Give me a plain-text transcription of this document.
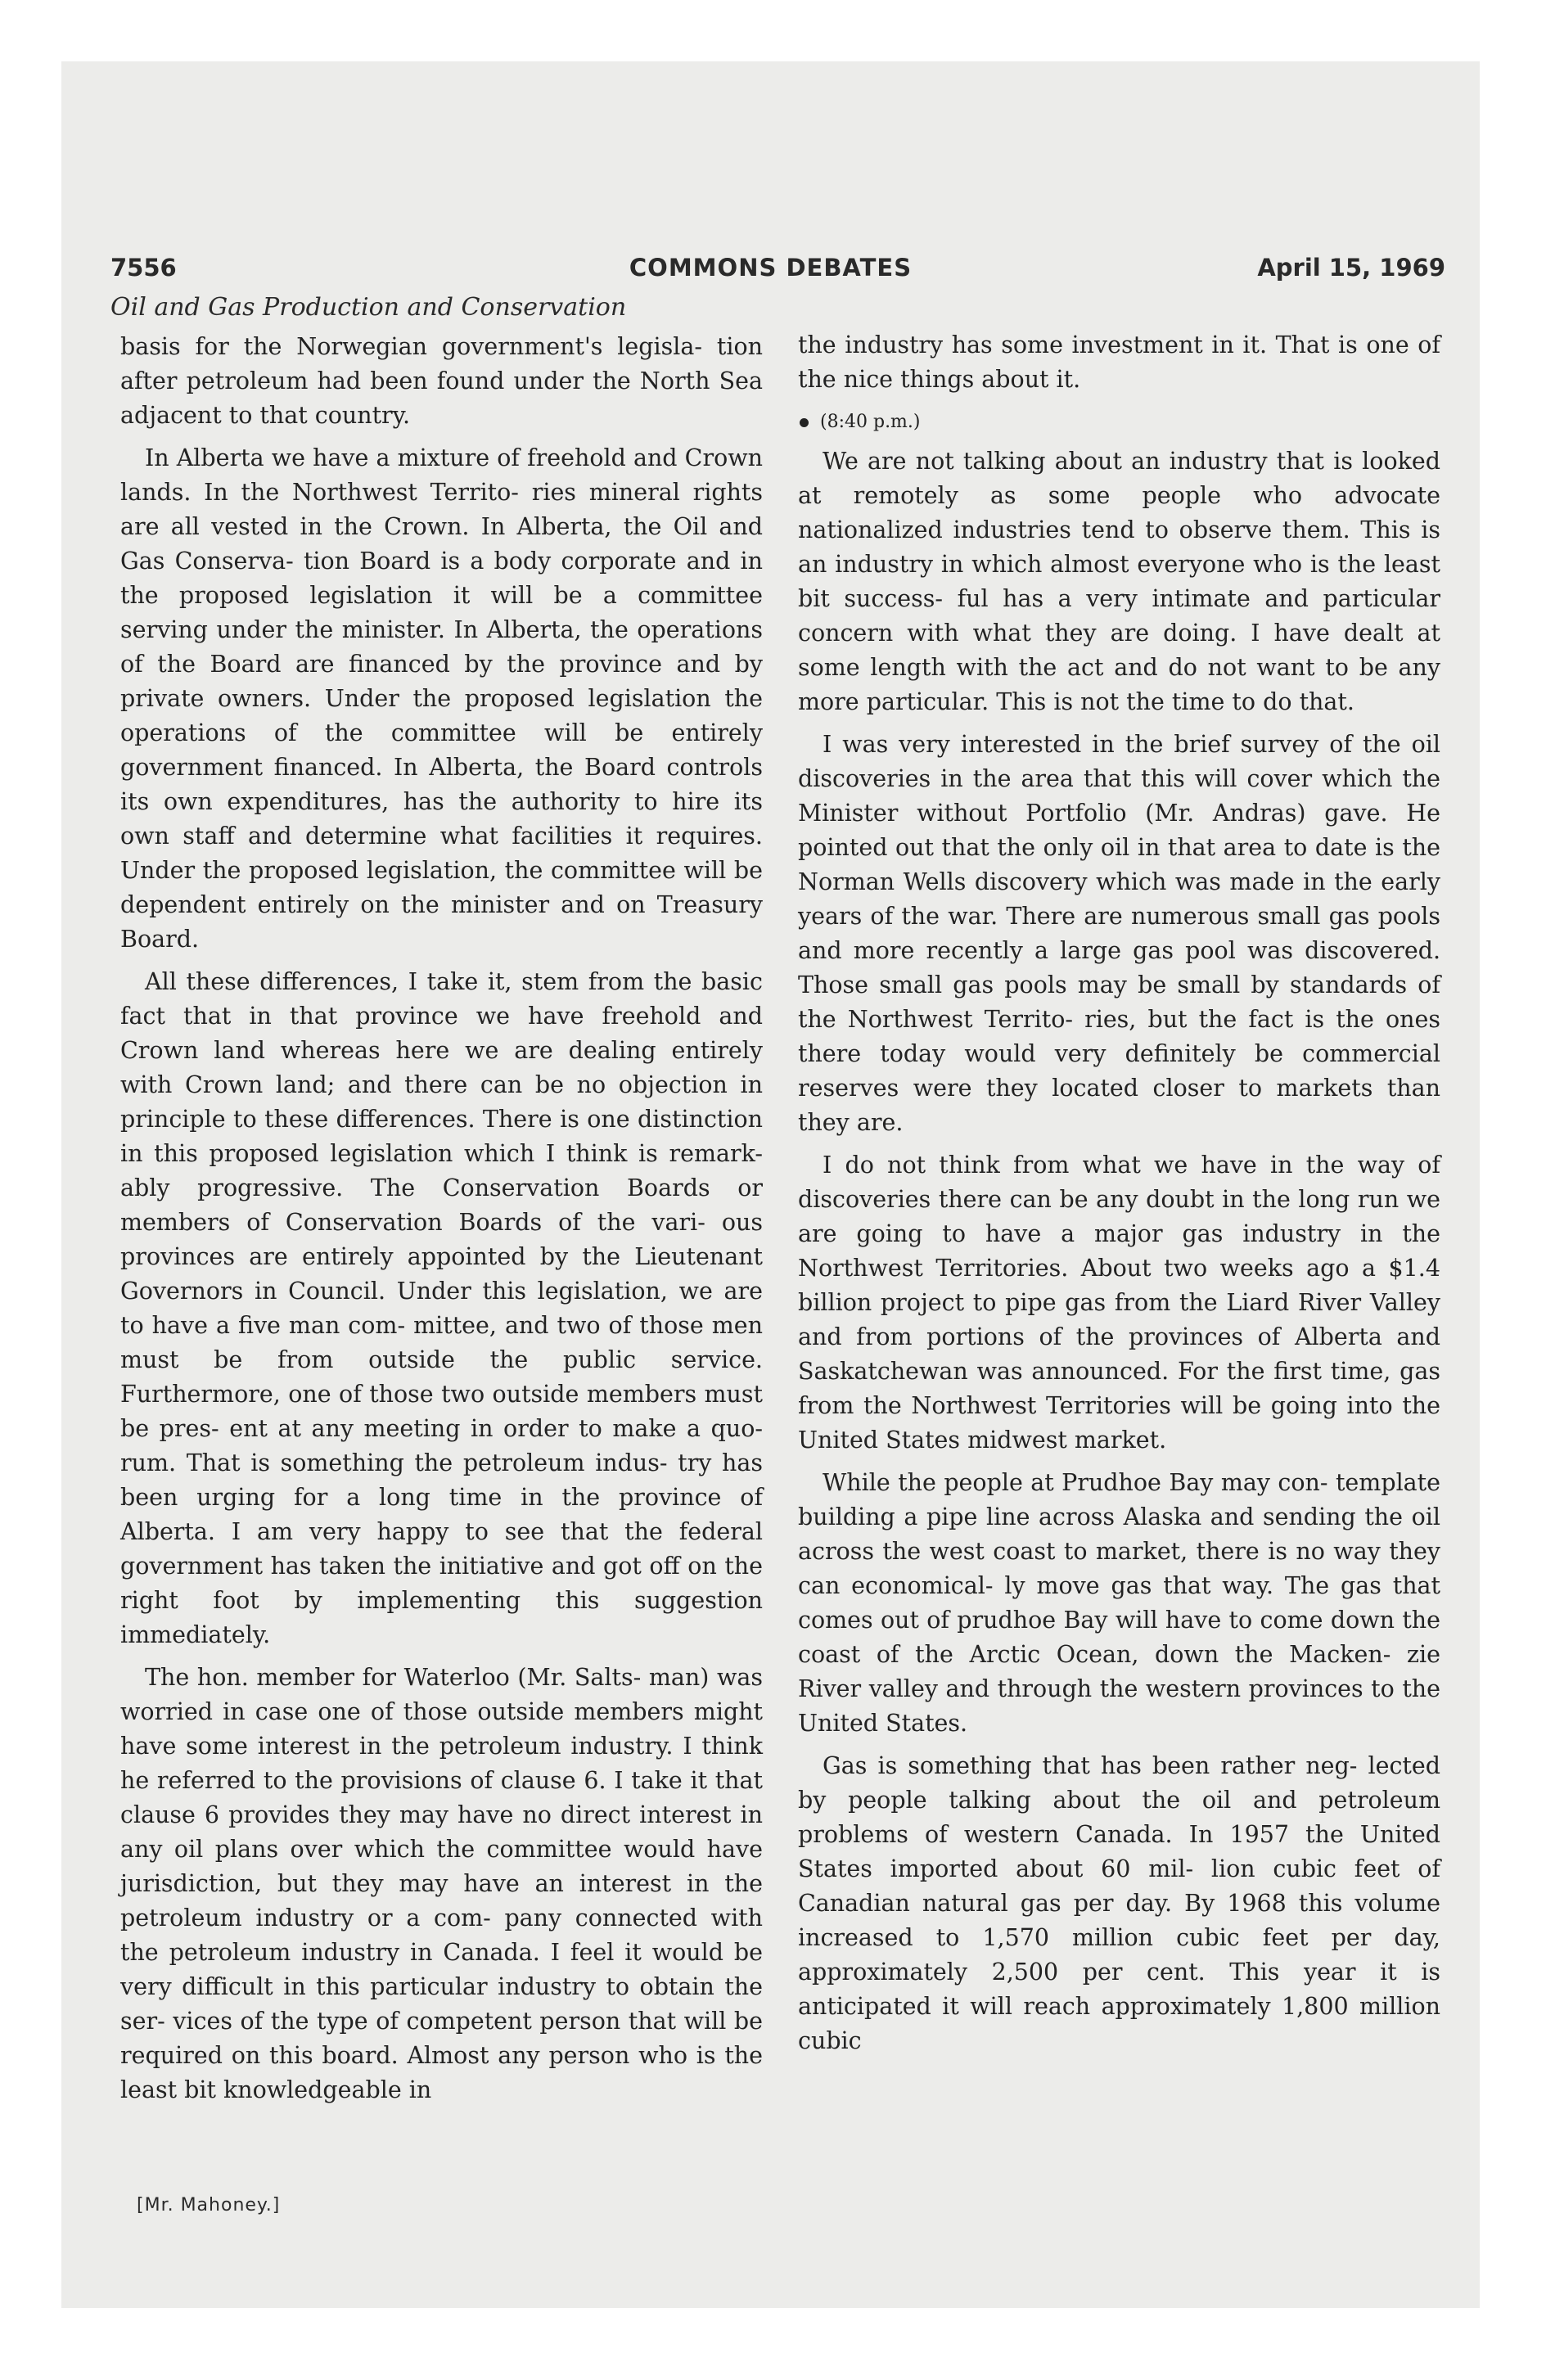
7556	COMMONS DEBATES	April 15, 1969
Oil and Gas Production and Conservation

basis for the Norwegian government's legisla- tion after petroleum had been found under the North Sea adjacent to that country.

In Alberta we have a mixture of freehold and Crown lands. In the Northwest Territo- ries mineral rights are all vested in the Crown. In Alberta, the Oil and Gas Conserva- tion Board is a body corporate and in the proposed legislation it will be a committee serving under the minister. In Alberta, the operations of the Board are financed by the province and by private owners. Under the proposed legislation the operations of the committee will be entirely government financed. In Alberta, the Board controls its own expenditures, has the authority to hire its own staff and determine what facilities it requires. Under the proposed legislation, the committee will be dependent entirely on the minister and on Treasury Board.

All these differences, I take it, stem from the basic fact that in that province we have freehold and Crown land whereas here we are dealing entirely with Crown land; and there can be no objection in principle to these differences. There is one distinction in this proposed legislation which I think is remark- ably progressive. The Conservation Boards or members of Conservation Boards of the vari- ous provinces are entirely appointed by the Lieutenant Governors in Council. Under this legislation, we are to have a five man com- mittee, and two of those men must be from outside the public service. Furthermore, one of those two outside members must be pres- ent at any meeting in order to make a quo- rum. That is something the petroleum indus- try has been urging for a long time in the province of Alberta. I am very happy to see that the federal government has taken the initiative and got off on the right foot by implementing this suggestion immediately.

The hon. member for Waterloo (Mr. Salts- man) was worried in case one of those outside members might have some interest in the petroleum industry. I think he referred to the provisions of clause 6. I take it that clause 6 provides they may have no direct interest in any oil plans over which the committee would have jurisdiction, but they may have an interest in the petroleum industry or a com- pany connected with the petroleum industry in Canada. I feel it would be very difficult in this particular industry to obtain the ser- vices of the type of competent person that will be required on this board. Almost any person who is the least bit knowledgeable in

the industry has some investment in it. That is one of the nice things about it.

(8:40 p.m.)

We are not talking about an industry that is looked at remotely as some people who advocate nationalized industries tend to observe them. This is an industry in which almost everyone who is the least bit success- ful has a very intimate and particular concern with what they are doing. I have dealt at some length with the act and do not want to be any more particular. This is not the time to do that.

I was very interested in the brief survey of the oil discoveries in the area that this will cover which the Minister without Portfolio (Mr. Andras) gave. He pointed out that the only oil in that area to date is the Norman Wells discovery which was made in the early years of the war. There are numerous small gas pools and more recently a large gas pool was discovered. Those small gas pools may be small by standards of the Northwest Territo- ries, but the fact is the ones there today would very definitely be commercial reserves were they located closer to markets than they are.

I do not think from what we have in the way of discoveries there can be any doubt in the long run we are going to have a major gas industry in the Northwest Territories. About two weeks ago a $1.4 billion project to pipe gas from the Liard River Valley and from portions of the provinces of Alberta and Saskatchewan was announced. For the first time, gas from the Northwest Territories will be going into the United States midwest market.

While the people at Prudhoe Bay may con- template building a pipe line across Alaska and sending the oil across the west coast to market, there is no way they can economical- ly move gas that way. The gas that comes out of prudhoe Bay will have to come down the coast of the Arctic Ocean, down the Macken- zie River valley and through the western provinces to the United States.

Gas is something that has been rather neg- lected by people talking about the oil and petroleum problems of western Canada. In 1957 the United States imported about 60 mil- lion cubic feet of Canadian natural gas per day. By 1968 this volume increased to 1,570 million cubic feet per day, approximately 2,500 per cent. This year it is anticipated it will reach approximately 1,800 million cubic

[Mr. Mahoney.]
